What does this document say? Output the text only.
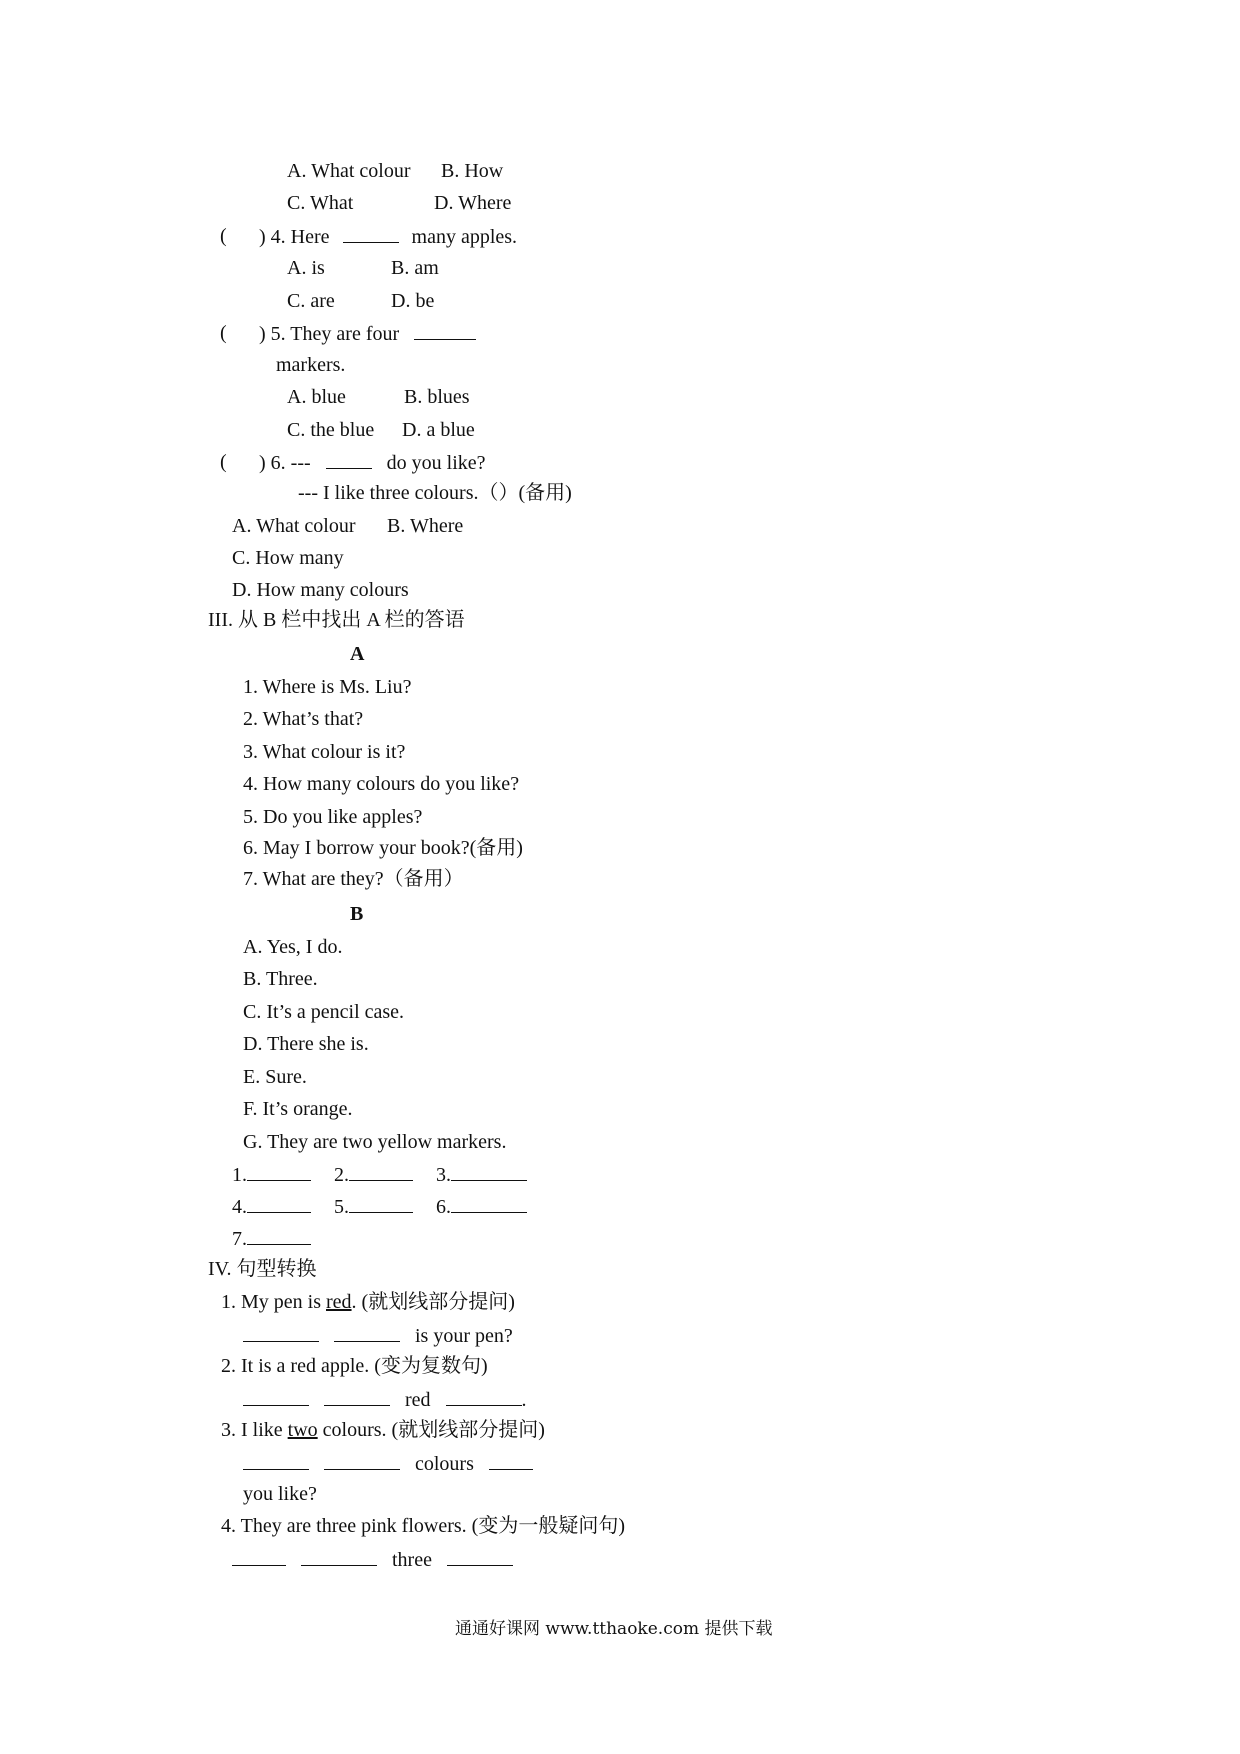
A. What colour B. How
C. What	D. Where
( ) 4. Here	many apples.
A. is	B. am
C. are	D. be
( ) 5. They are four
markers.
A. blue	B. blues
C. the blue D. a blue
( ) 6. ---	do you like?
--- I like three colours.（）(备用)
A. What colour B. Where
C. How many
D. How many colours
III. 从 B 栏中找出 A 栏的答语
A
1. Where is Ms. Liu?
2. What’s that?
3. What colour is it?
4. How many colours do you like?
5. Do you like apples?
6. May I borrow your book?(备用)
7. What are they?（备用）
B
A. Yes, I do.
B. Three.
C. It’s a pencil case.
D. There she is.
E. Sure.
F. It’s orange.
G. They are two yellow markers.
1.	2.	3.
4.	5.	6.
7.
IV. 句型转换
1. My pen is red. (就划线部分提问)
is your pen?
2. It is a red apple. (变为复数句)
red	.
3. I like two colours. (就划线部分提问)
colours
you like?
4. They are three pink flowers. (变为一般疑问句)
three
通通好课网 www.tthaoke.com 提供下载
